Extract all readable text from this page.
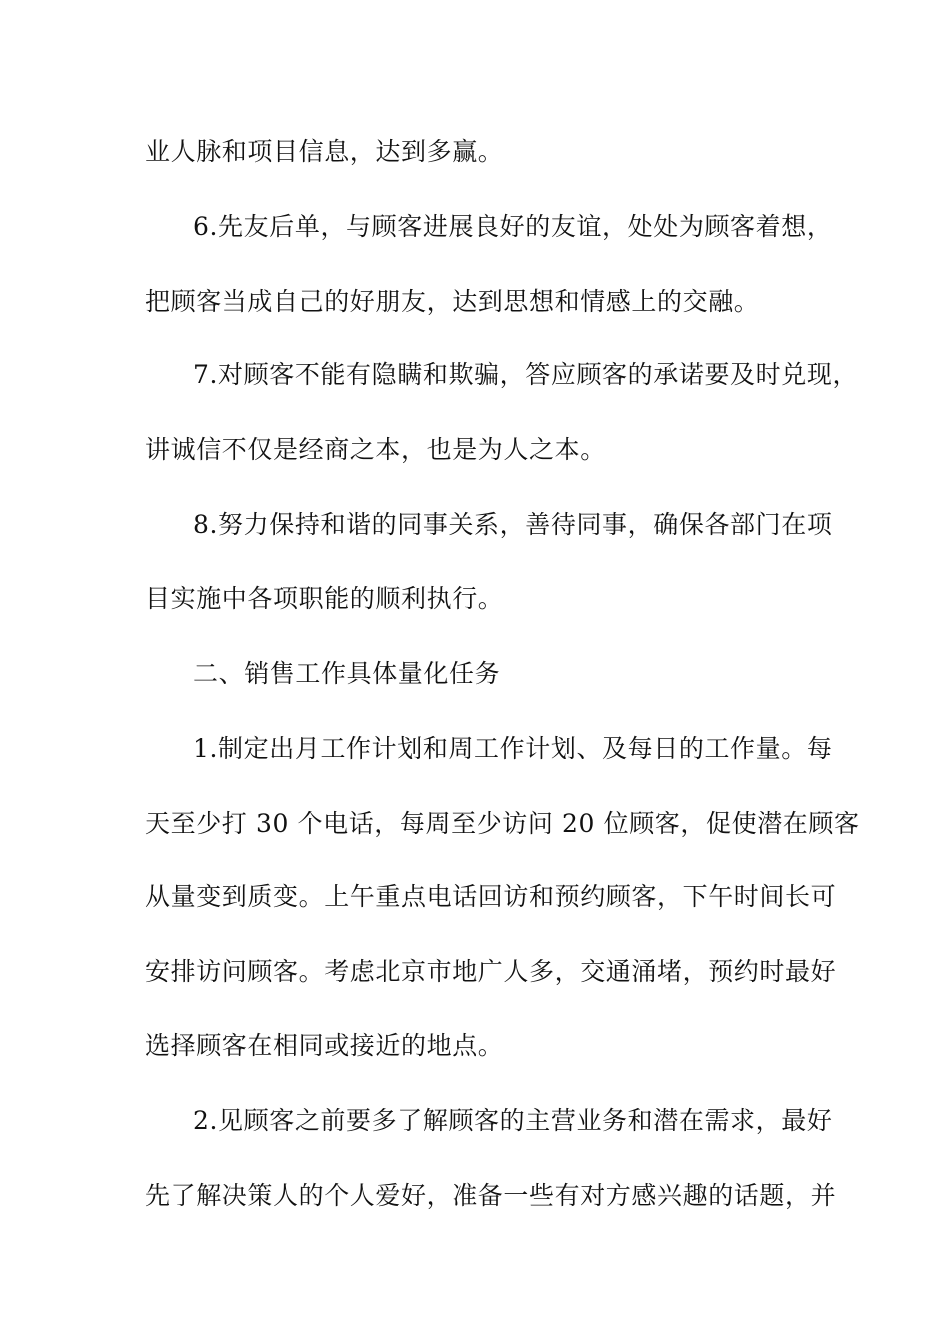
业人脉和项目信息，达到多赢。
6.先友后单，与顾客进展良好的友谊，处处为顾客着想，
把顾客当成自己的好朋友，达到思想和情感上的交融。
7.对顾客不能有隐瞒和欺骗，答应顾客的承诺要及时兑现，
讲诚信不仅是经商之本，也是为人之本。
8.努力保持和谐的同事关系，善待同事，确保各部门在项
目实施中各项职能的顺利执行。
二、销售工作具体量化任务
1.制定出月工作计划和周工作计划、及每日的工作量。每
天至少打 30 个电话，每周至少访问 20 位顾客，促使潜在顾客
从量变到质变。上午重点电话回访和预约顾客，下午时间长可
安排访问顾客。考虑北京市地广人多，交通涌堵，预约时最好
选择顾客在相同或接近的地点。
2.见顾客之前要多了解顾客的主营业务和潜在需求，最好
先了解决策人的个人爱好，准备一些有对方感兴趣的话题，并
